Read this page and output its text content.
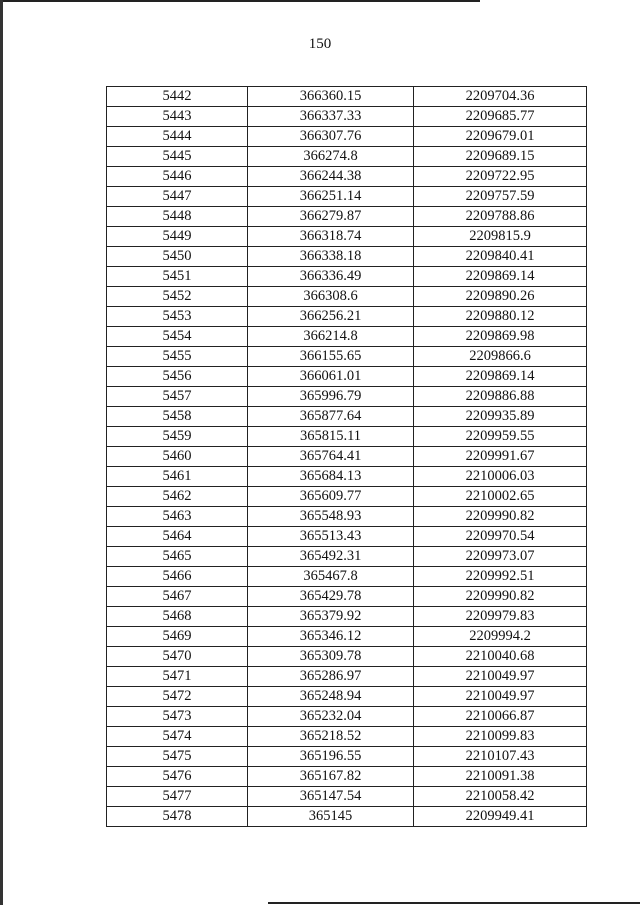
150
5442	366360.15	2209704.36
5443	366337.33	2209685.77
5444	366307.76	2209679.01
5445	366274.8	2209689.15
5446	366244.38	2209722.95
5447	366251.14	2209757.59
5448	366279.87	2209788.86
5449	366318.74	2209815.9
5450	366338.18	2209840.41
5451	366336.49	2209869.14
5452	366308.6	2209890.26
5453	366256.21	2209880.12
5454	366214.8	2209869.98
5455	366155.65	2209866.6
5456	366061.01	2209869.14
5457	365996.79	2209886.88
5458	365877.64	2209935.89
5459	365815.11	2209959.55
5460	365764.41	2209991.67
5461	365684.13	2210006.03
5462	365609.77	2210002.65
5463	365548.93	2209990.82
5464	365513.43	2209970.54
5465	365492.31	2209973.07
5466	365467.8	2209992.51
5467	365429.78	2209990.82
5468	365379.92	2209979.83
5469	365346.12	2209994.2
5470	365309.78	2210040.68
5471	365286.97	2210049.97
5472	365248.94	2210049.97
5473	365232.04	2210066.87
5474	365218.52	2210099.83
5475	365196.55	2210107.43
5476	365167.82	2210091.38
5477	365147.54	2210058.42
5478	365145	2209949.41
